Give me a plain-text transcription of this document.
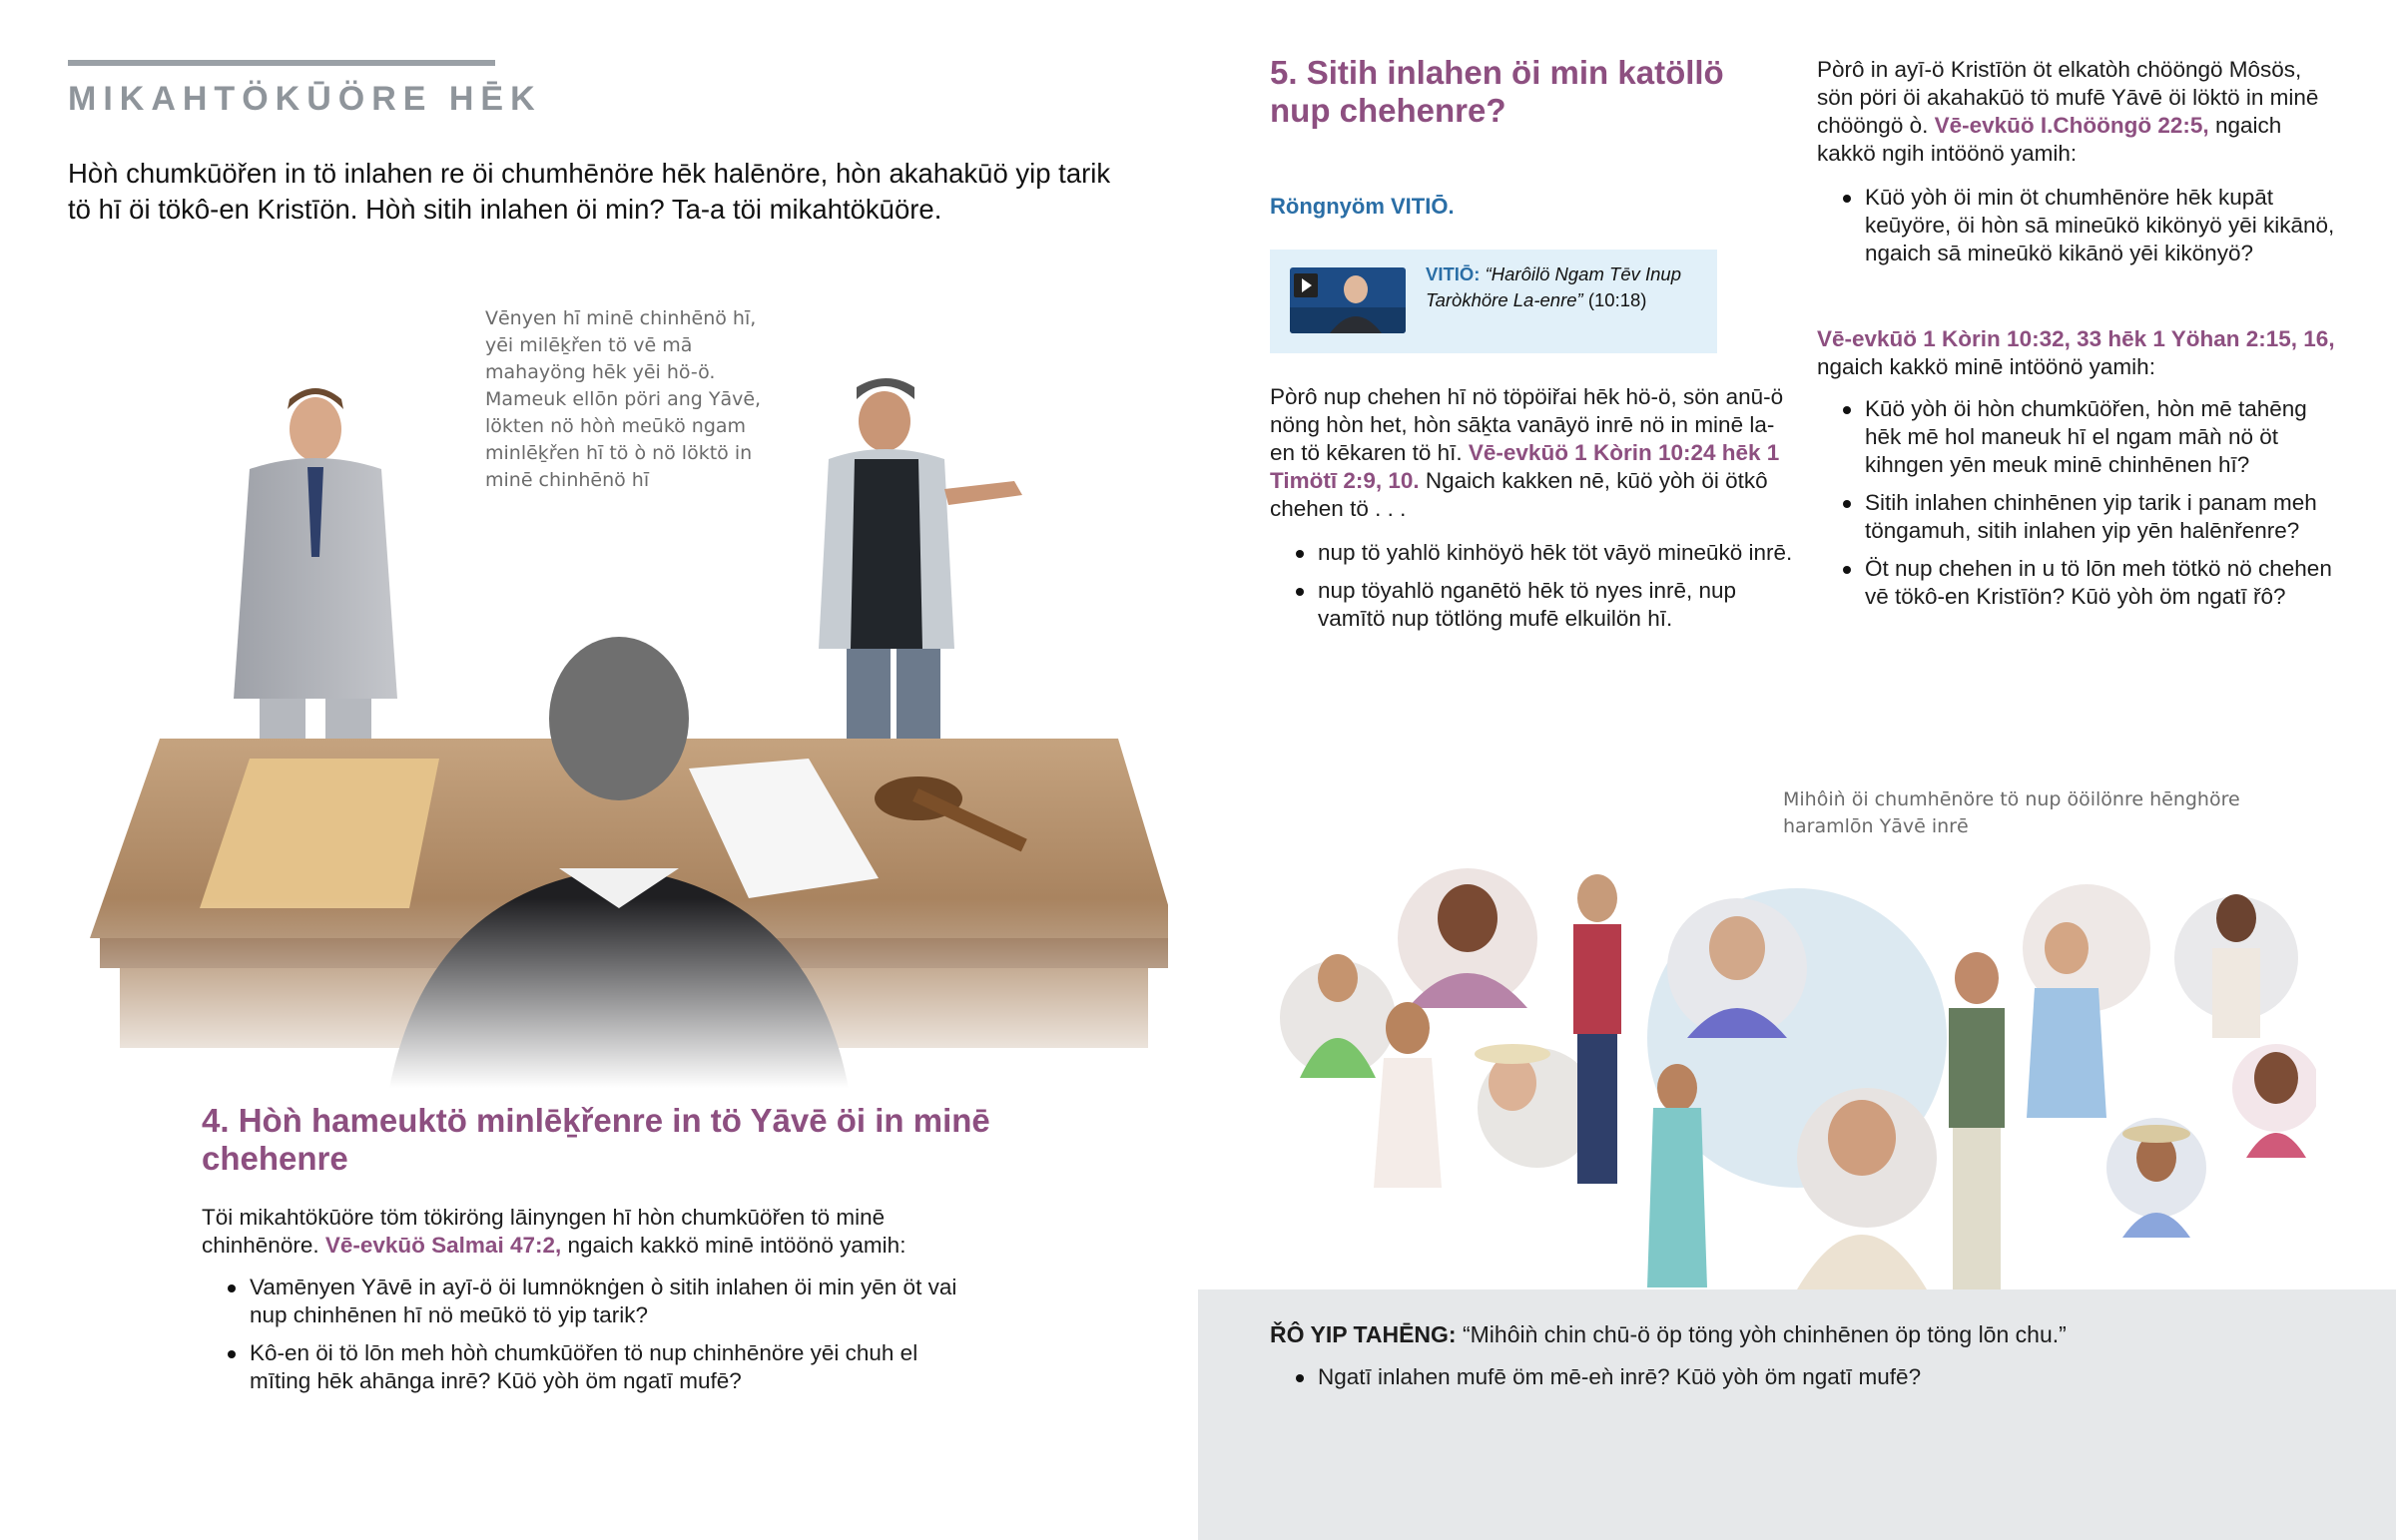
MIKAHTÖKŪÖRE HĒK

Hòǹ chumkūöřen in tö inlahen re öi chumhēnöre hēk halēnöre, hòn akahakūö yip tarik tö hī öi tökô-en Kristīön. Hòǹ sitih inlahen öi min? Ta-a töi mikahtökūöre.

Vēnyen hī minē chinhēnö hī, yēi milēḵřen tö vē mā mahayöng hēk yēi hö-ö. Mameuk ellōn pöri ang Yāvē, lökten nö hòǹ meūkö ngam minlēḵřen hī tö ò nö löktö in minē chinhēnö hī

4. Hòǹ hameuktö minlēḵřenre in tö Yāvē öi in minē chehenre

Töi mikahtökūöre töm tökiröng lāinyngen hī hòn chumkūöřen tö minē chinhēnöre. Vē-evkūö Salmai 47:2, ngaich kakkö minē intöönö yamih:

Vamēnyen Yāvē in ayī-ö öi lumnöknġen ò sitih inlahen öi min yēn öt vai nup chinhēnen hī nö meūkö tö yip tarik?
Kô-en öi tö lōn meh hòǹ chumkūöřen tö nup chinhēnöre yēi chuh el mīting hēk ahānga inrē? Kūö yòh öm ngatī mufē?
5. Sitih inlahen öi min katöllö nup chehenre?
Röngnyöm VITIŌ.

VITIŌ: “Harôilö Ngam Tēv Inup Taròkhöre La-enre” (10:18)

Pòrô nup chehen hī nö töpöiřai hēk hö-ö, sön anū-ö nöng hòn het, hòn sāḵta vanāyö inrē nö in minē la-en tö kēkaren tö hī. Vē-evkūö 1 Kòrin 10:24 hēk 1 Timötī 2:9, 10. Ngaich kakken nē, kūö yòh öi ötkô chehen tö . . .

nup tö yahlö kinhöyö hēk töt vāyö mineūkö inrē.
nup töyahlö nganētö hēk tö nyes inrē, nup vamītö nup tötlöng mufē elkuilön hī.

Pòrô in ayī-ö Kristīön öt elkatòh chööngö Môsös, sön pöri öi akahakūö tö mufē Yāvē öi löktö in minē chööngö ò. Vē-evkūö I.Chööngö 22:5, ngaich kakkö ngih intöönö yamih:

Kūö yòh öi min öt chumhēnöre hēk kupāt keūyöre, öi hòn sā mineūkö kikönyö yēi kikānö, ngaich sā mineūkö kikānö yēi kikönyö?

Vē-evkūö 1 Kòrin 10:32, 33 hēk 1 Yöhan 2:15, 16, ngaich kakkö minē intöönö yamih:

Kūö yòh öi hòn chumkūöřen, hòn mē tahēng hēk mē hol maneuk hī el ngam māǹ nö öt kihngen yēn meuk minē chinhēnen hī?
Sitih inlahen chinhēnen yip tarik i panam meh töngamuh, sitih inlahen yip yēn halēnřenre?
Öt nup chehen in u tö lōn meh tötkö nö chehen vē tökô-en Kristīön? Kūö yòh öm ngatī řô?

Mihôiǹ öi chumhēnöre tö nup ööilönre hēnghöre haramlōn Yāvē inrē

ŘÔ YIP TAHĒNG: “Mihôiǹ chin chū-ö öp töng yòh chinhēnen öp töng lōn chu.”

Ngatī inlahen mufē öm mē-eǹ inrē? Kūö yòh öm ngatī mufē?
